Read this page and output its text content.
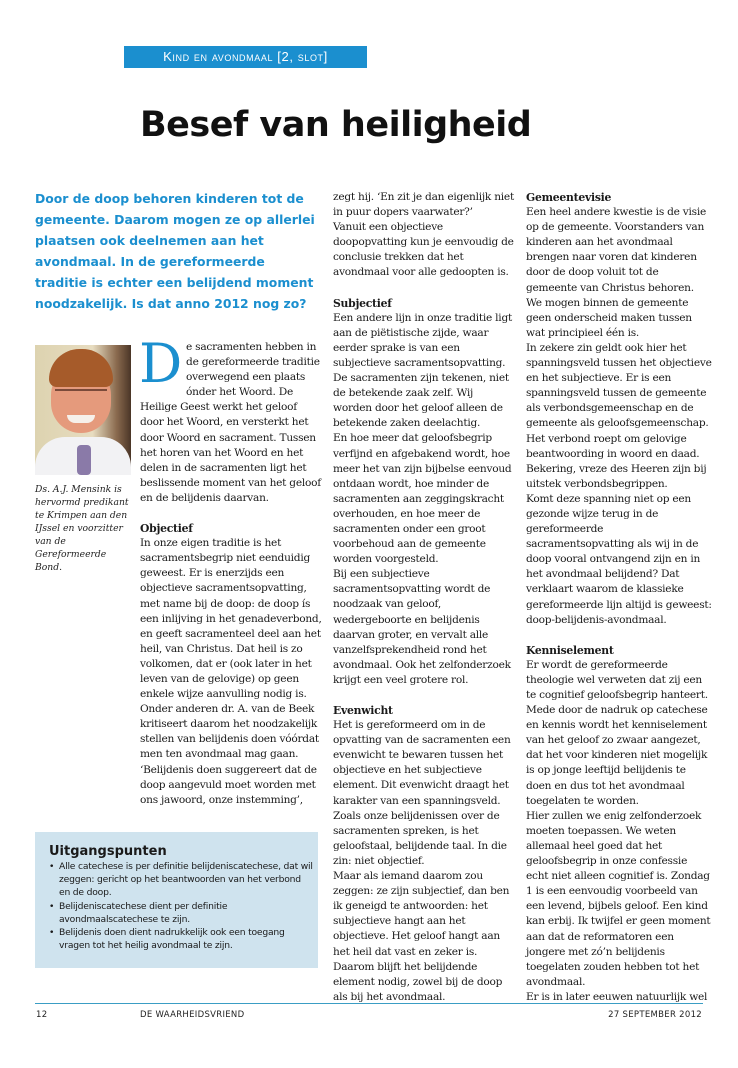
Kind en avondmaal [2, slot]
Besef van heiligheid

Door de doop behoren kinderen tot de gemeente. Daarom mogen ze op allerlei plaatsen ook deelnemen aan het avondmaal. In de gereformeerde traditie is echter een belijdend moment noodzakelijk. Is dat anno 2012 nog zo?

Ds. A.J. Mensink is hervormd predikant te Krimpen aan den IJssel en voorzitter van de Gereformeerde Bond.

De sacramenten hebben in de gereformeerde traditie overwegend een plaats ónder het Woord. De Heilige Geest werkt het geloof door het Woord, en versterkt het door Woord en sacrament. Tussen het horen van het Woord en het delen in de sacramenten ligt het beslissende moment van het geloof en de belijdenis daarvan.

Objectief

In onze eigen traditie is het sacramentsbegrip niet eenduidig geweest. Er is enerzijds een objectieve sacramentsopvatting, met name bij de doop: de doop ís een inlijving in het genadeverbond, en geeft sacramenteel deel aan het heil, van Christus. Dat heil is zo volkomen, dat er (ook later in het leven van de gelovige) op geen enkele wijze aanvulling nodig is.

Onder anderen dr. A. van de Beek kritiseert daarom het noodzakelijk stellen van belijdenis doen vóórdat men ten avondmaal mag gaan. ‘Belijdenis doen suggereert dat de doop aangevuld moet worden met ons jawoord, onze instemming’,

zegt hij. ‘En zit je dan eigenlijk niet in puur dopers vaarwater?’

Vanuit een objectieve doopopvatting kun je eenvoudig de conclusie trekken dat het avondmaal voor alle gedoopten is.

Subjectief

Een andere lijn in onze traditie ligt aan de piëtistische zijde, waar eerder sprake is van een subjectieve sacramentsopvatting. De sacramenten zijn tekenen, niet de betekende zaak zelf. Wij worden door het geloof alleen de betekende zaken deelachtig.

En hoe meer dat geloofsbegrip verfijnd en afgebakend wordt, hoe meer het van zijn bijbelse eenvoud ontdaan wordt, hoe minder de sacramenten aan zeggingskracht overhouden, en hoe meer de sacramenten onder een groot voorbehoud aan de gemeente worden voorgesteld.

Bij een subjectieve sacramentsopvatting wordt de noodzaak van geloof, wedergeboorte en belijdenis daarvan groter, en vervalt alle vanzelfsprekendheid rond het avondmaal. Ook het zelfonderzoek krijgt een veel grotere rol.

Evenwicht

Het is gereformeerd om in de opvatting van de sacramenten een evenwicht te bewaren tussen het objectieve en het subjectieve element. Dit evenwicht draagt het karakter van een spanningsveld. Zoals onze belijdenissen over de sacramenten spreken, is het geloofstaal, belijdende taal. In die zin: niet objectief.

Maar als iemand daarom zou zeggen: ze zijn subjectief, dan ben ik geneigd te antwoorden: het subjectieve hangt aan het objectieve. Het geloof hangt aan het heil dat vast en zeker is. Daarom blijft het belijdende element nodig, zowel bij de doop als bij het avondmaal.

Gemeentevisie

Een heel andere kwestie is de visie op de gemeente. Voorstanders van kinderen aan het avondmaal brengen naar voren dat kinderen door de doop voluit tot de gemeente van Christus behoren. We mogen binnen de gemeente geen onderscheid maken tussen wat principieel één is.

In zekere zin geldt ook hier het spanningsveld tussen het objectieve en het subjectieve. Er is een spanningsveld tussen de gemeente als verbondsgemeenschap en de gemeente als geloofsgemeenschap. Het verbond roept om gelovige beantwoording in woord en daad. Bekering, vreze des Heeren zijn bij uitstek verbondsbegrippen.

Komt deze spanning niet op een gezonde wijze terug in de gereformeerde sacramentsopvatting als wij in de doop vooral ontvangend zijn en in het avondmaal belijdend? Dat verklaart waarom de klassieke gereformeerde lijn altijd is geweest: doop-belijdenis-avondmaal.

Kenniselement

Er wordt de gereformeerde theologie wel verweten dat zij een te cognitief geloofsbegrip hanteert. Mede door de nadruk op catechese en kennis wordt het kenniselement van het geloof zo zwaar aangezet, dat het voor kinderen niet mogelijk is op jonge leeftijd belijdenis te doen en dus tot het avondmaal toegelaten te worden.

Hier zullen we enig zelfonderzoek moeten toepassen. We weten allemaal heel goed dat het geloofsbegrip in onze confessie echt niet alleen cognitief is. Zondag 1 is een eenvoudig voorbeeld van een levend, bijbels geloof. Een kind kan erbij. Ik twijfel er geen moment aan dat de reformatoren een jongere met zó’n belijdenis toegelaten zouden hebben tot het avondmaal.

Er is in later eeuwen natuurlijk wel

Uitgangspunten
• Alle catechese is per definitie belijdeniscatechese, dat wil zeggen: gericht op het beantwoorden van het verbond en de doop.
• Belijdeniscatechese dient per definitie avondmaalscatechese te zijn.
• Belijdenis doen dient nadrukkelijk ook een toegang vragen tot het heilig avondmaal te zijn.
12	DE WAARHEIDSVRIEND	27 SEPTEMBER 2012
